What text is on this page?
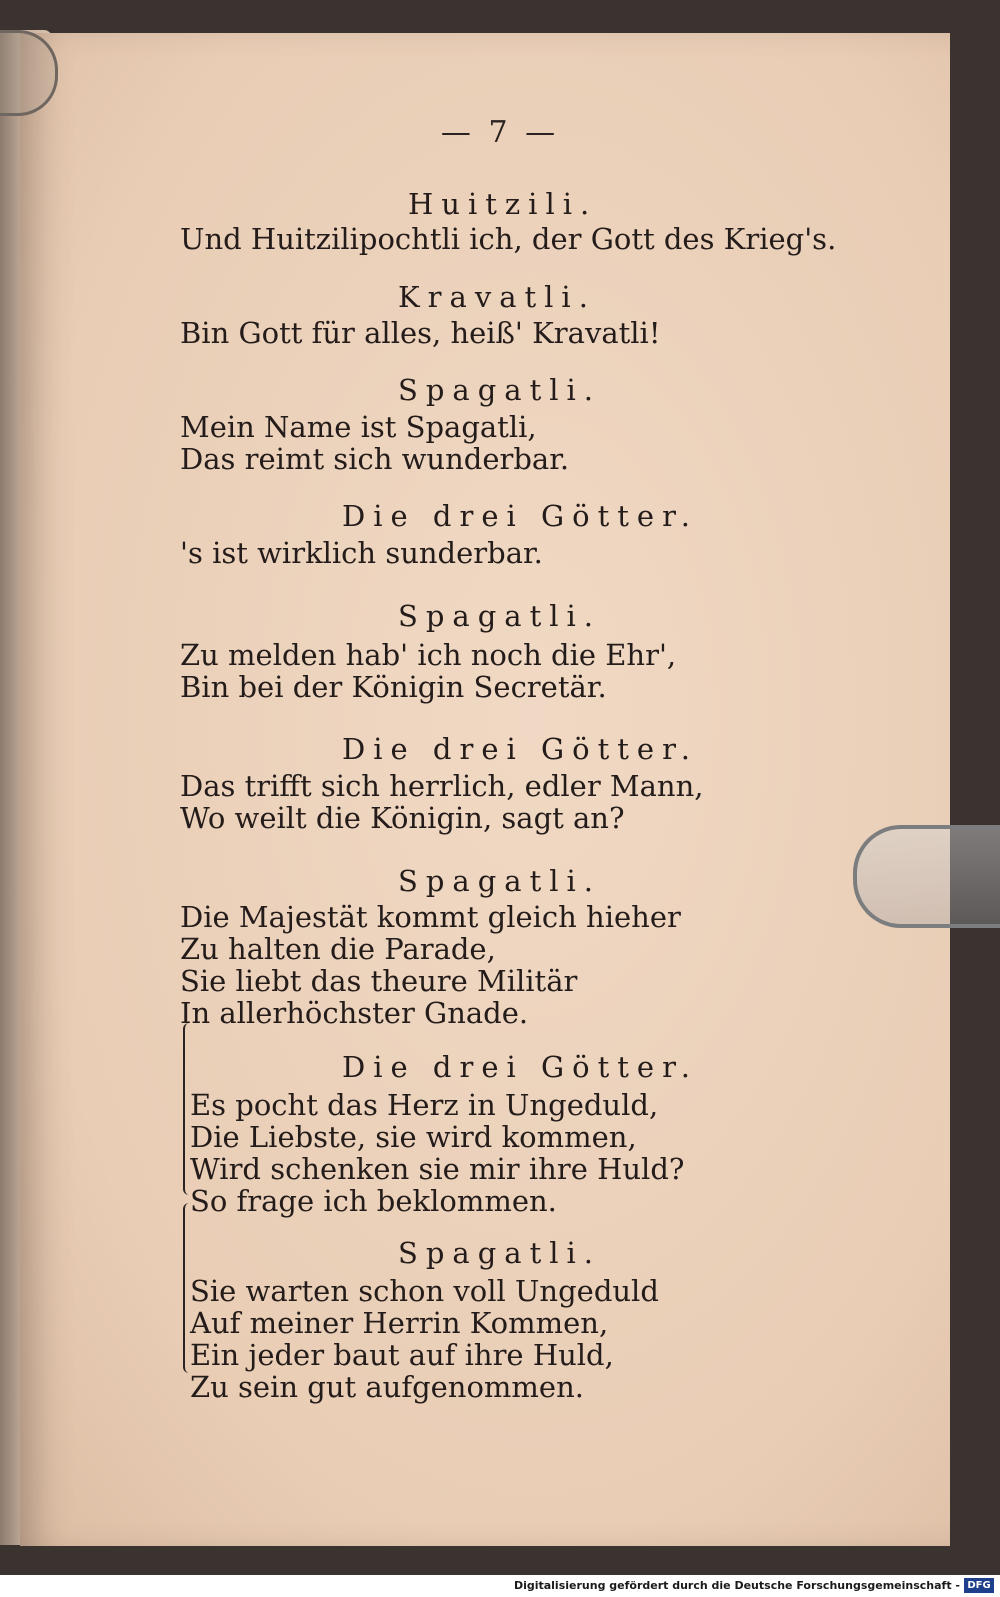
— 7 —
Huitzili.
Und Huitzilipochtli ich, der Gott des Krieg's.
Kravatli.
Bin Gott für alles, heiß' Kravatli!
Spagatli.
Mein Name ist Spagatli,
Das reimt sich wunderbar.
Die drei Götter.
's ist wirklich sunderbar.
Spagatli.
Zu melden hab' ich noch die Ehr',
Bin bei der Königin Secretär.
Die drei Götter.
Das trifft sich herrlich, edler Mann,
Wo weilt die Königin, sagt an?
Spagatli.
Die Majestät kommt gleich hieher
Zu halten die Parade,
Sie liebt das theure Militär
In allerhöchster Gnade.
Die drei Götter.
Es pocht das Herz in Ungeduld,
Die Liebste, sie wird kommen,
Wird schenken sie mir ihre Huld?
So frage ich beklommen.
Spagatli.
Sie warten schon voll Ungeduld
Auf meiner Herrin Kommen,
Ein jeder baut auf ihre Huld,
Zu sein gut aufgenommen.
Digitalisierung gefördert durch die Deutsche Forschungsgemeinschaft - DFG
